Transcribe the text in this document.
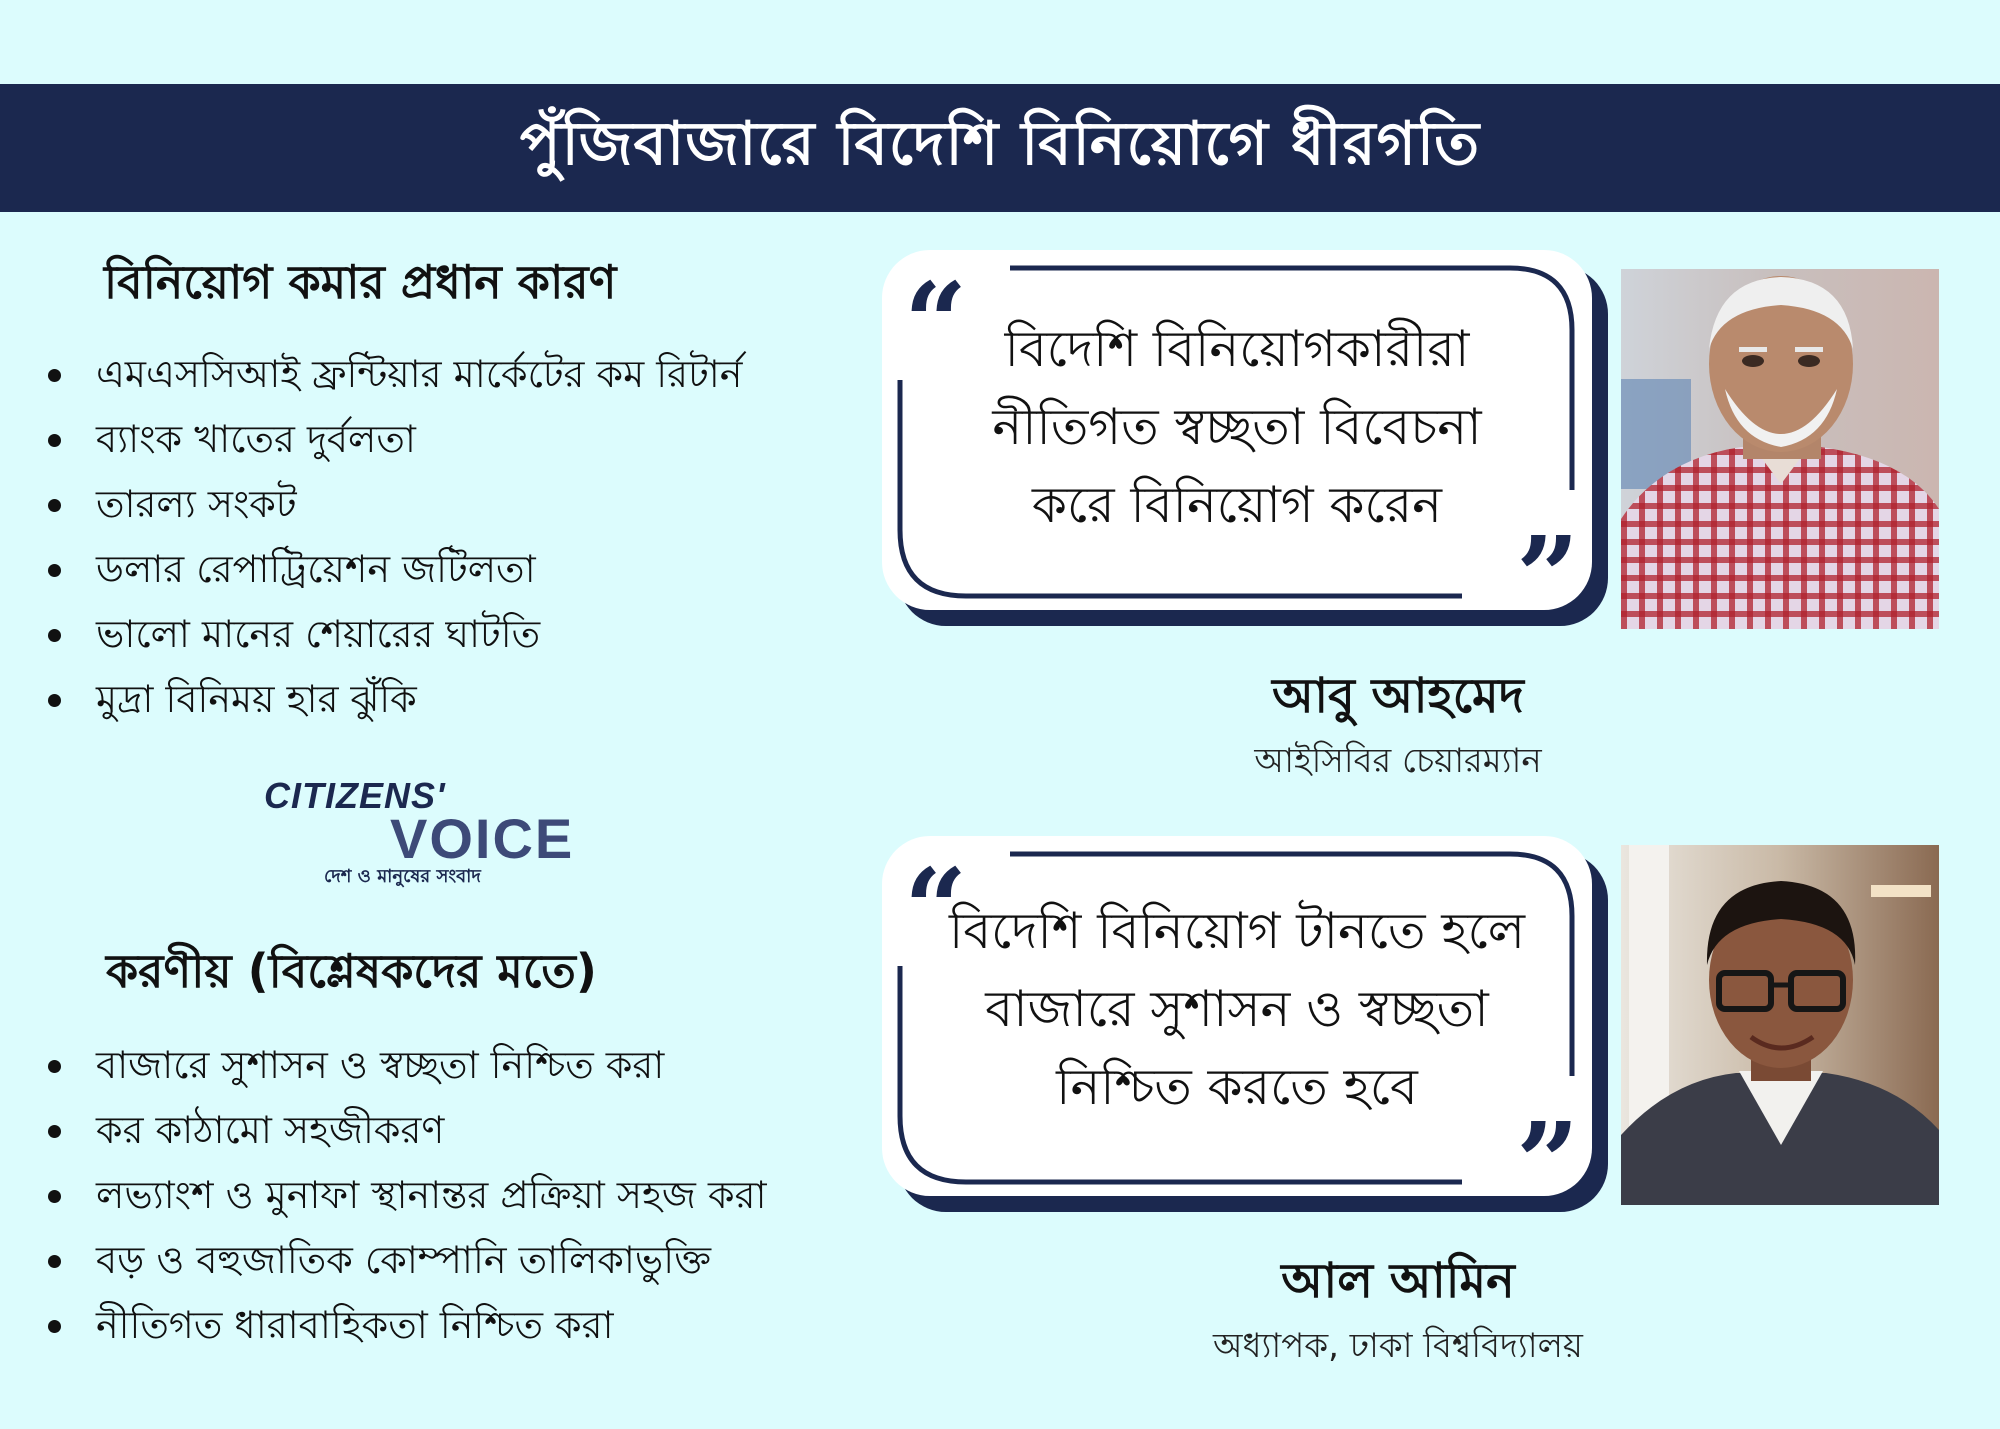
পুঁজিবাজারে বিদেশি বিনিয়োগে ধীরগতি
বিনিয়োগ কমার প্রধান কারণ
এমএসসিআই ফ্রন্টিয়ার মার্কেটের কম রিটার্ন
ব্যাংক খাতের দুর্বলতা
তারল্য সংকট
ডলার রেপাট্রিয়েশন জটিলতা
ভালো মানের শেয়ারের ঘাটতি
মুদ্রা বিনিময় হার ঝুঁকি
CITIZENS'
VOICE
দেশ ও মানুষের সংবাদ
করণীয় (বিশ্লেষকদের মতে)
বাজারে সুশাসন ও স্বচ্ছতা নিশ্চিত করা
কর কাঠামো সহজীকরণ
লভ্যাংশ ও মুনাফা স্থানান্তর প্রক্রিয়া সহজ করা
বড় ও বহুজাতিক কোম্পানি তালিকাভুক্তি
নীতিগত ধারাবাহিকতা নিশ্চিত করা
“
”
বিদেশি বিনিয়োগকারীরা
নীতিগত স্বচ্ছতা বিবেচনা
করে বিনিয়োগ করেন
আবু আহমেদ
আইসিবির চেয়ারম্যান
“
”
বিদেশি বিনিয়োগ টানতে হলে
বাজারে সুশাসন ও স্বচ্ছতা
নিশ্চিত করতে হবে
আল আমিন
অধ্যাপক, ঢাকা বিশ্ববিদ্যালয়
